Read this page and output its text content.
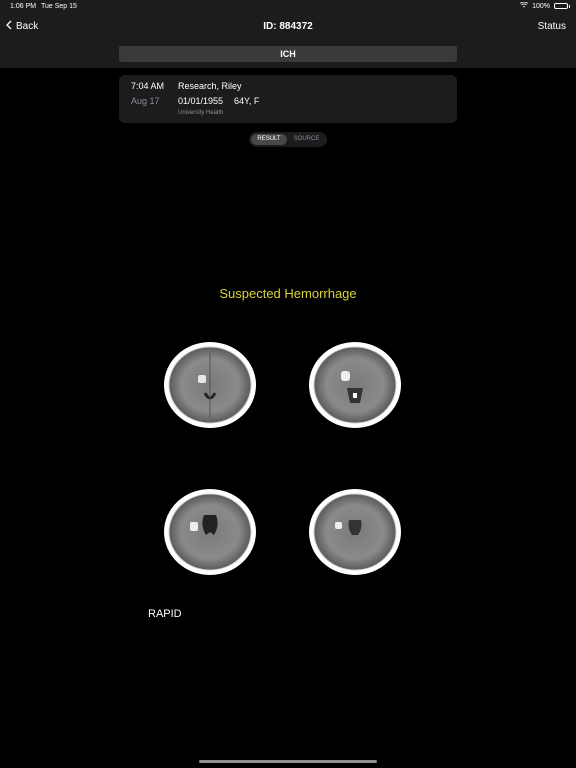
1:06 PM Tue Sep 15	100%
Back	ID: 884372	Status
ICH
7:04 AM Research, Riley
Aug 17 01/01/1955 64Y, F
University Health
RESULT	SOURCE
Suspected Hemorrhage
RAPID
